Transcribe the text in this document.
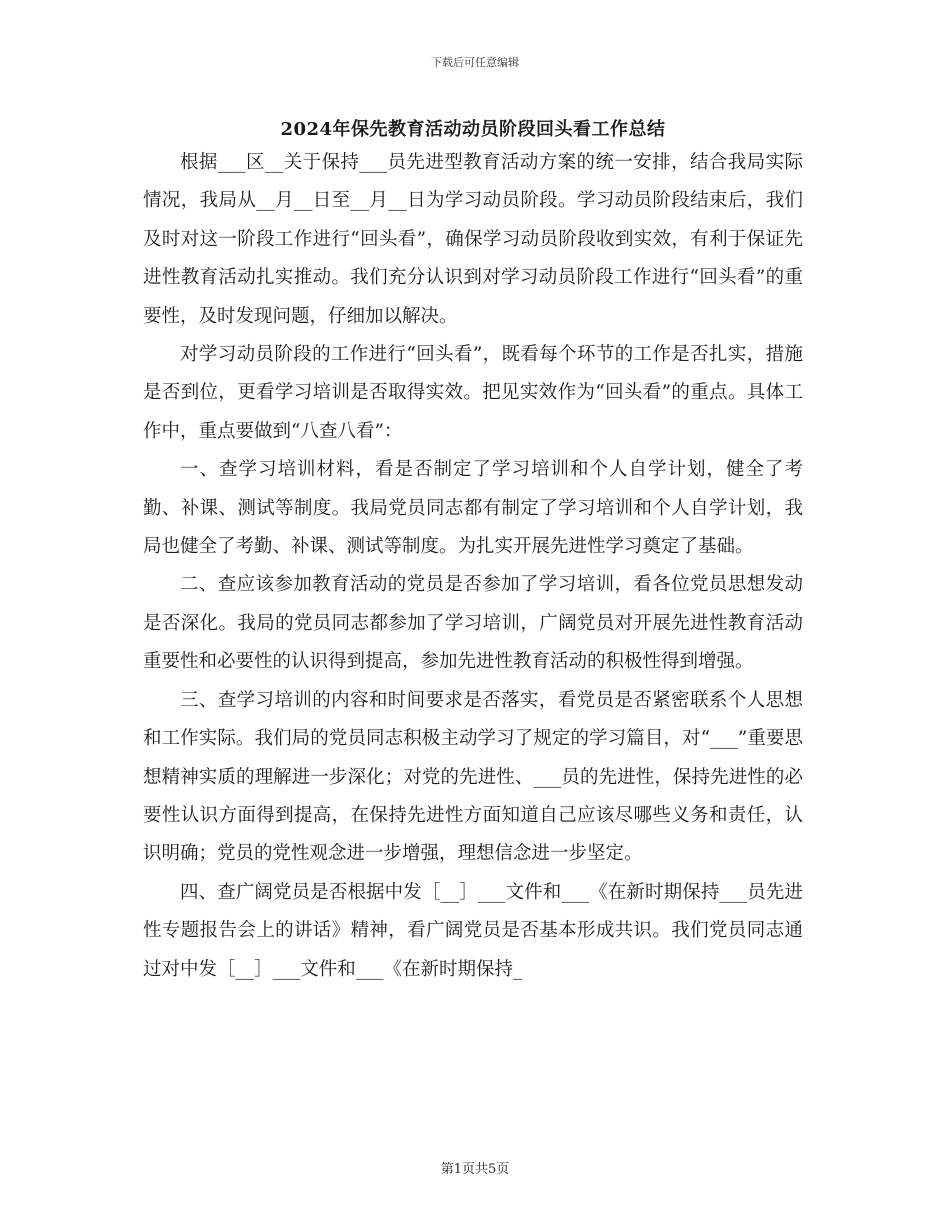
下载后可任意编辑
2024年保先教育活动动员阶段回头看工作总结

根据___区__关于保持___员先进型教育活动方案的统一安排，结合我局实际情况，我局从__月__日至__月__日为学习动员阶段。学习动员阶段结束后，我们及时对这一阶段工作进行“回头看”，确保学习动员阶段收到实效，有利于保证先进性教育活动扎实推动。我们充分认识到对学习动员阶段工作进行“回头看”的重要性，及时发现问题，仔细加以解决。

对学习动员阶段的工作进行“回头看”，既看每个环节的工作是否扎实，措施是否到位，更看学习培训是否取得实效。把见实效作为“回头看”的重点。具体工作中，重点要做到“八查八看”：

一、查学习培训材料，看是否制定了学习培训和个人自学计划，健全了考勤、补课、测试等制度。我局党员同志都有制定了学习培训和个人自学计划，我局也健全了考勤、补课、测试等制度。为扎实开展先进性学习奠定了基础。

二、查应该参加教育活动的党员是否参加了学习培训，看各位党员思想发动是否深化。我局的党员同志都参加了学习培训，广阔党员对开展先进性教育活动重要性和必要性的认识得到提高，参加先进性教育活动的积极性得到增强。

三、查学习培训的内容和时间要求是否落实，看党员是否紧密联系个人思想和工作实际。我们局的党员同志积极主动学习了规定的学习篇目，对“___”重要思想精神实质的理解进一步深化；对党的先进性、___员的先进性，保持先进性的必要性认识方面得到提高，在保持先进性方面知道自己应该尽哪些义务和责任，认识明确；党员的党性观念进一步增强，理想信念进一步坚定。

四、查广阔党员是否根据中发［__］___文件和___《在新时期保持___员先进性专题报告会上的讲话》精神，看广阔党员是否基本形成共识。我们党员同志通过对中发［__］___文件和___《在新时期保持_

第1页共5页
